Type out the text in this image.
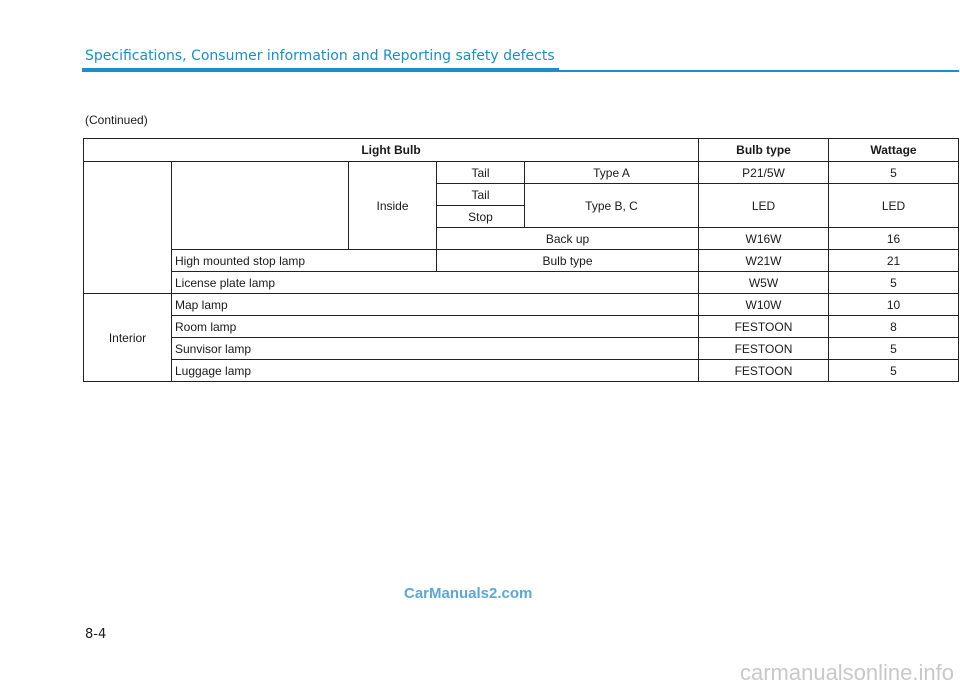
Specifications, Consumer information and Reporting safety defects
(Continued)
Light Bulb					Bulb type	Wattage
		Inside	Tail	Type A	P21/5W	5
			Tail	Type B, C	LED	LED
			Stop			
			Back up		W16W	16
	High mounted stop lamp		Bulb type		W21W	21
	License plate lamp				W5W	5
Interior	Map lamp				W10W	10
	Room lamp				FESTOON	8
	Sunvisor lamp				FESTOON	5
	Luggage lamp				FESTOON	5
CarManuals2.com
8-4
carmanualsonline.info
